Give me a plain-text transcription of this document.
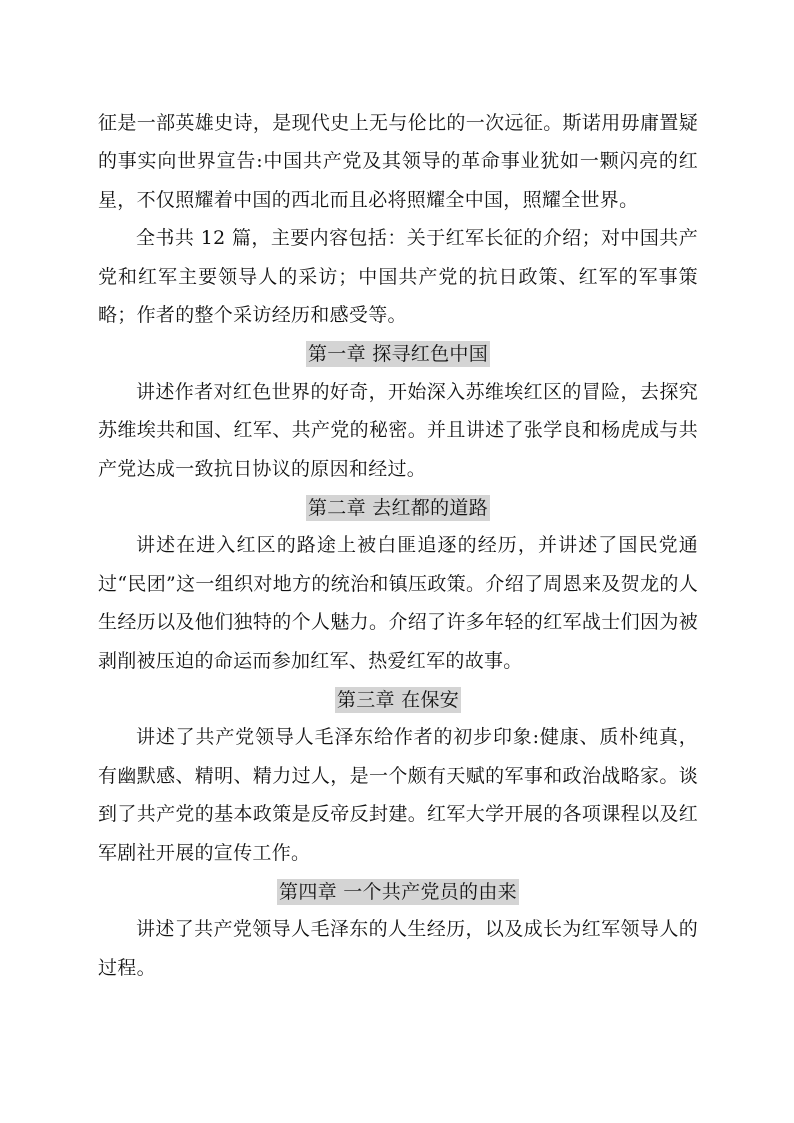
征是一部英雄史诗，是现代史上无与伦比的一次远征。斯诺用毋庸置疑的事实向世界宣告:中国共产党及其领导的革命事业犹如一颗闪亮的红星，不仅照耀着中国的西北而且必将照耀全中国，照耀全世界。

全书共 12 篇，主要内容包括：关于红军长征的介绍；对中国共产党和红军主要领导人的采访；中国共产党的抗日政策、红军的军事策略；作者的整个采访经历和感受等。

第一章 探寻红色中国

讲述作者对红色世界的好奇，开始深入苏维埃红区的冒险，去探究苏维埃共和国、红军、共产党的秘密。并且讲述了张学良和杨虎成与共产党达成一致抗日协议的原因和经过。

第二章 去红都的道路

讲述在进入红区的路途上被白匪追逐的经历，并讲述了国民党通过“民团”这一组织对地方的统治和镇压政策。介绍了周恩来及贺龙的人生经历以及他们独特的个人魅力。介绍了许多年轻的红军战士们因为被剥削被压迫的命运而参加红军、热爱红军的故事。

第三章 在保安

讲述了共产党领导人毛泽东给作者的初步印象:健康、质朴纯真，有幽默感、精明、精力过人，是一个颇有天赋的军事和政治战略家。谈到了共产党的基本政策是反帝反封建。红军大学开展的各项课程以及红军剧社开展的宣传工作。

第四章 一个共产党员的由来

讲述了共产党领导人毛泽东的人生经历，以及成长为红军领导人的过程。
